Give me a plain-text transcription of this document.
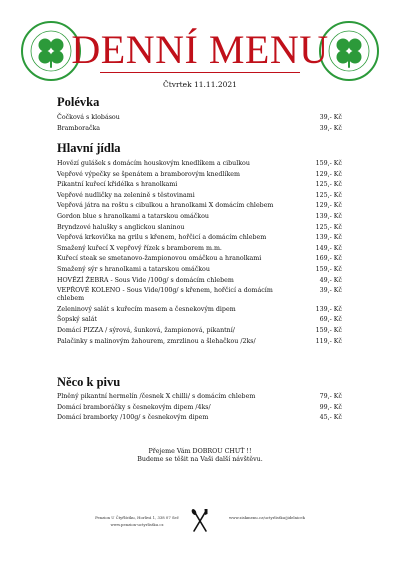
DENNÍ MENU
Čtvrtek 11.11.2021
Polévka
Čočková s klobásou	39,- Kč
Bramboračka	39,- Kč
Hlavní jídla
Hovězí gulášek s domácím houskovým knedlíkem a cibulkou	159,- Kč
Vepřové výpečky se špenátem a bramborovým knedlíkem	129,- Kč
Pikantní kuřecí křidélka s hranolkami	125,- Kč
Vepřové nudličky na zelenině s těstovinami	125,- Kč
Vepřová játra na roštu s cibulkou a hranolkami X domácím chlebem	129,- Kč
Gordon blue s hranolkami a tatarskou omáčkou	139,- Kč
Bryndzové halušky s anglickou slaninou	125,- Kč
Vepřová krkovička na grilu s křenem, hořčicí a domácím chlebem	139,- Kč
Smažený kuřecí X vepřový řízek s bramborem m.m.	149,- Kč
Kuřecí steak se smetanovo-žampionovou omáčkou a hranolkami	169,- Kč
Smažený sýr s hranolkami a tatarskou omáčkou	159,- Kč
HOVĚZÍ ŽEBRA - Sous Vide /100g/ s domácím chlebem	49,- Kč
VEPŘOVÉ KOLENO - Sous Vide/100g/ s křenem, hořčicí a domácím chlebem
39,- Kč
Zeleninový salát s kuřecím masem a česnekovým dipem	139,- Kč
Šopský salát	69,- Kč
Domácí PIZZA / sýrová, šunková, žampionová, pikantní/	159,- Kč
Palačinky s malinovým žahourem, zmrzlinou a šlehačkou /2ks/	119,- Kč
Něco k pivu
Plněný pikantní hermelín /česnek X chilli/ s domácím chlebem	79,- Kč
Domácí bramboráčky s česnekovým dipem /4ks/	99,- Kč
Domácí bramborky /100g/ s česnekovým dipem	45,- Kč
Přejeme Vám DOBROU CHUŤ !!
Budeme se těšit na Vaši další návštěvu.
Penzion U Čtyřlístku, Horlivá 1, 338 07 Seč
www.penzion-uctyrlistku.cz
www.ziskmenu.cz/uctyrlistku/jidelnicek
